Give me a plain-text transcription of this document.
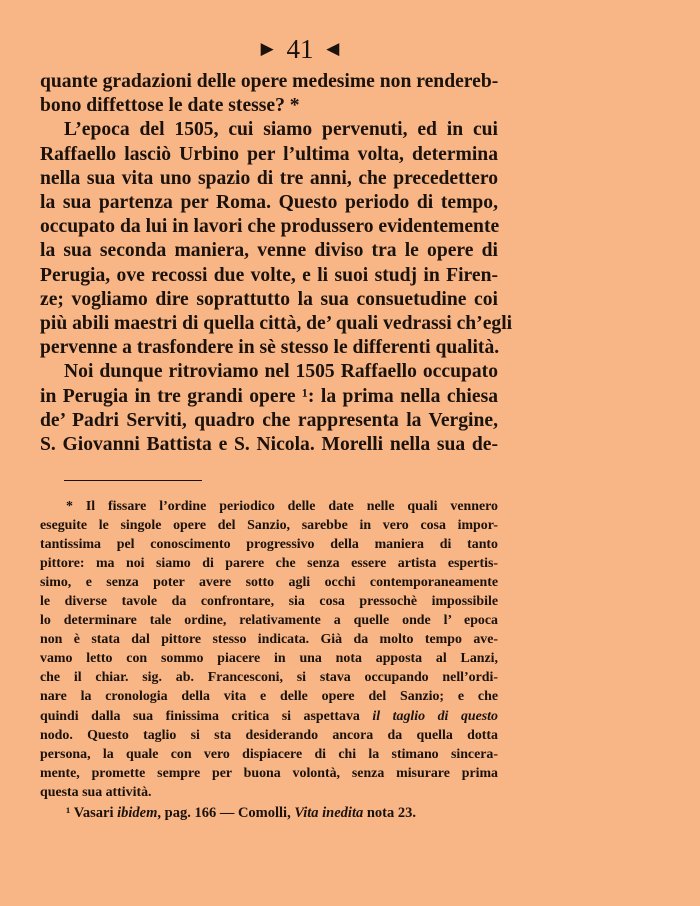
▶ 41 ◀
quante gradazioni delle opere medesime non rendereb-
bono diffettose le date stesse? *
L’epoca del 1505, cui siamo pervenuti, ed in cui
Raffaello lasciò Urbino per l’ultima volta, determina
nella sua vita uno spazio di tre anni, che precedettero
la sua partenza per Roma. Questo periodo di tempo,
occupato da lui in lavori che produssero evidentemente
la sua seconda maniera, venne diviso tra le opere di
Perugia, ove recossi due volte, e li suoi studj in Firen-
ze; vogliamo dire soprattutto la sua consuetudine coi
più abili maestri di quella città, de’ quali vedrassi ch’egli
pervenne a trasfondere in sè stesso le differenti qualità.
Noi dunque ritroviamo nel 1505 Raffaello occupato
in Perugia in tre grandi opere ¹: la prima nella chiesa
de’ Padri Serviti, quadro che rappresenta la Vergine,
S. Giovanni Battista e S. Nicola. Morelli nella sua de-
* Il fissare l’ordine periodico delle date nelle quali vennero
eseguite le singole opere del Sanzio, sarebbe in vero cosa impor-
tantissima pel conoscimento progressivo della maniera di tanto
pittore: ma noi siamo di parere che senza essere artista espertis-
simo, e senza poter avere sotto agli occhi contemporaneamente
le diverse tavole da confrontare, sia cosa pressochè impossibile
lo determinare tale ordine, relativamente a quelle onde l’ epoca
non è stata dal pittore stesso indicata. Già da molto tempo ave-
vamo letto con sommo piacere in una nota apposta al Lanzi,
che il chiar. sig. ab. Francesconi, si stava occupando nell’ordi-
nare la cronologia della vita e delle opere del Sanzio; e che
quindi dalla sua finissima critica si aspettava il taglio di questo
nodo. Questo taglio si sta desiderando ancora da quella dotta
persona, la quale con vero dispiacere di chi la stimano sincera-
mente, promette sempre per buona volontà, senza misurare prima
questa sua attività.
¹ Vasari ibidem, pag. 166 — Comolli, Vita inedita nota 23.
